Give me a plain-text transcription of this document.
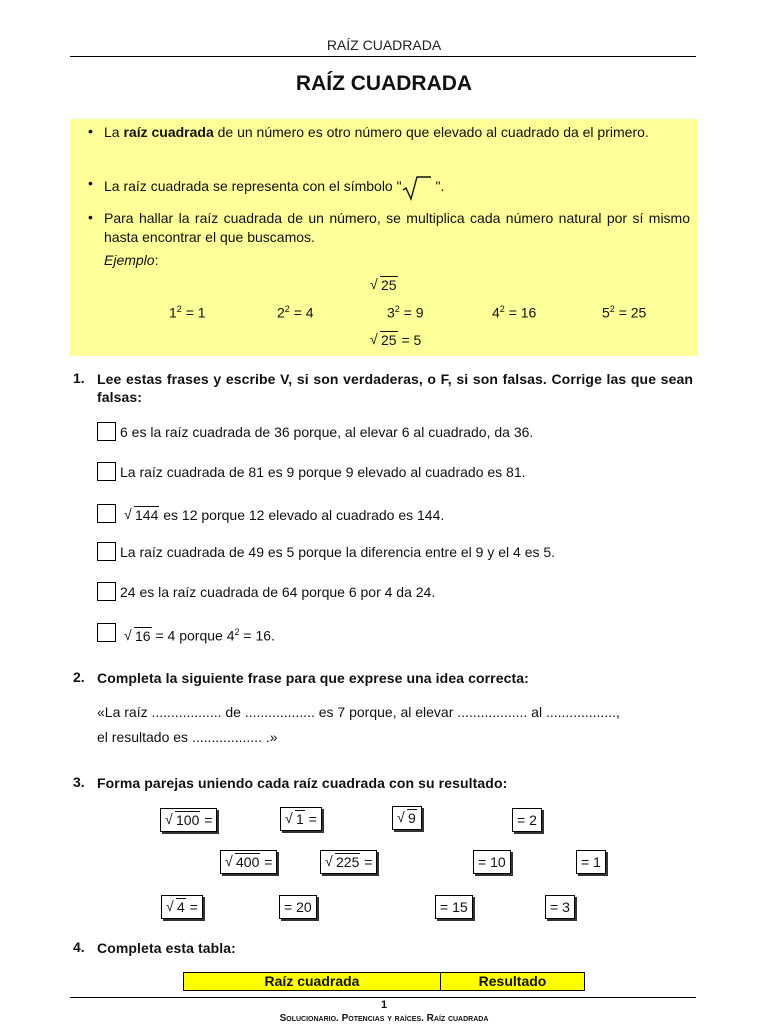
RAÍZ CUADRADA
RAÍZ CUADRADA
• La raíz cuadrada de un número es otro número que elevado al cuadrado da el primero.
• La raíz cuadrada se representa con el símbolo " ".
• Para hallar la raíz cuadrada de un número, se multiplica cada número natural por sí mismo hasta encontrar el que buscamos.
Ejemplo:
√ 25
$1^2 = 1$	$2^2 = 4$	$3^2 = 9$	$4^2 = 16$	$5^2 = 25$
√ 25 = 5
1. Lee estas frases y escribe V, si son verdaderas, o F, si son falsas. Corrige las que sean falsas:
6 es la raíz cuadrada de 36 porque, al elevar 6 al cuadrado, da 36.
La raíz cuadrada de 81 es 9 porque 9 elevado al cuadrado es 81.
√ 144 es 12 porque 12 elevado al cuadrado es 144.
La raíz cuadrada de 49 es 5 porque la diferencia entre el 9 y el 4 es 5.
24 es la raíz cuadrada de 64 porque 6 por 4 da 24.
√ 16 = 4 porque $4^2 = 16$.
2. Completa la siguiente frase para que exprese una idea correcta:
«La raíz .................. de .................. es 7 porque, al elevar .................. al ..................,
el resultado es .................. .»
3. Forma parejas uniendo cada raíz cuadrada con su resultado:
√ 100 =	√ 1 =	√ 9	= 2
√ 400 =	√ 225 =	= 10	= 1
√ 4 =	= 20	= 15	= 3
4. Completa esta tabla:
Raíz cuadrada	Resultado
1
Solucionario. Potencias y raíces. Raíz cuadrada
